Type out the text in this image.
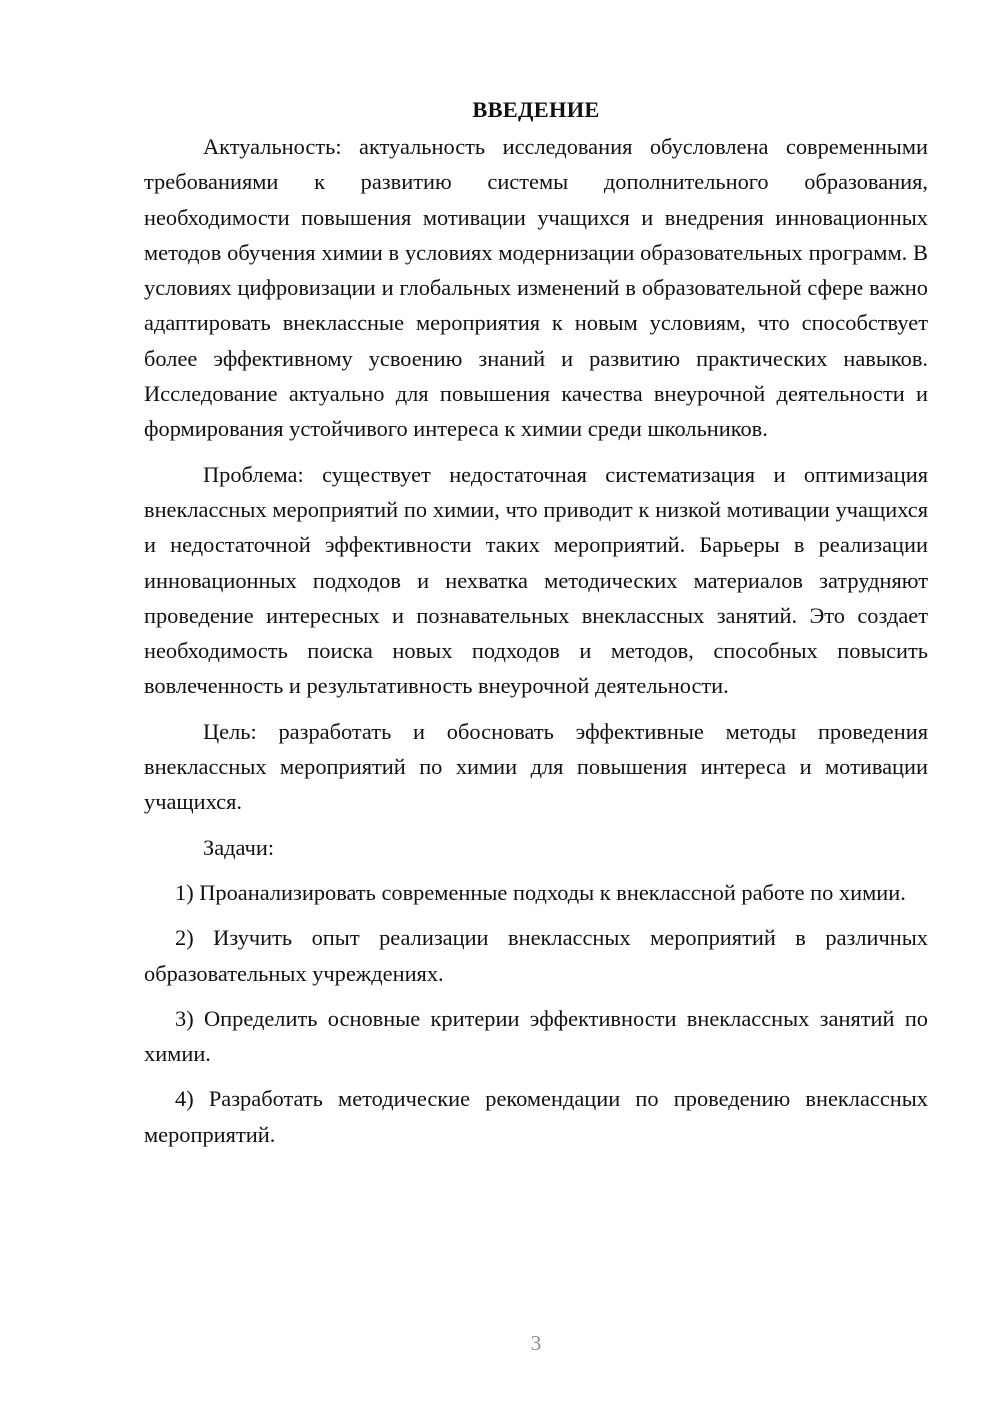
ВВЕДЕНИЕ

Актуальность: актуальность исследования обусловлена современными требованиями к развитию системы дополнительного образования, необходимости повышения мотивации учащихся и внедрения инновационных методов обучения химии в условиях модернизации образовательных программ. В условиях цифровизации и глобальных изменений в образовательной сфере важно адаптировать внеклассные мероприятия к новым условиям, что способствует более эффективному усвоению знаний и развитию практических навыков. Исследование актуально для повышения качества внеурочной деятельности и формирования устойчивого интереса к химии среди школьников.

Проблема: существует недостаточная систематизация и оптимизация внеклассных мероприятий по химии, что приводит к низкой мотивации учащихся и недостаточной эффективности таких мероприятий. Барьеры в реализации инновационных подходов и нехватка методических материалов затрудняют проведение интересных и познавательных внеклассных занятий. Это создает необходимость поиска новых подходов и методов, способных повысить вовлеченность и результативность внеурочной деятельности.

Цель: разработать и обосновать эффективные методы проведения внеклассных мероприятий по химии для повышения интереса и мотивации учащихся.

Задачи:

1) Проанализировать современные подходы к внеклассной работе по химии.

2) Изучить опыт реализации внеклассных мероприятий в различных образовательных учреждениях.

3) Определить основные критерии эффективности внеклассных занятий по химии.

4) Разработать методические рекомендации по проведению внеклассных мероприятий.

3
